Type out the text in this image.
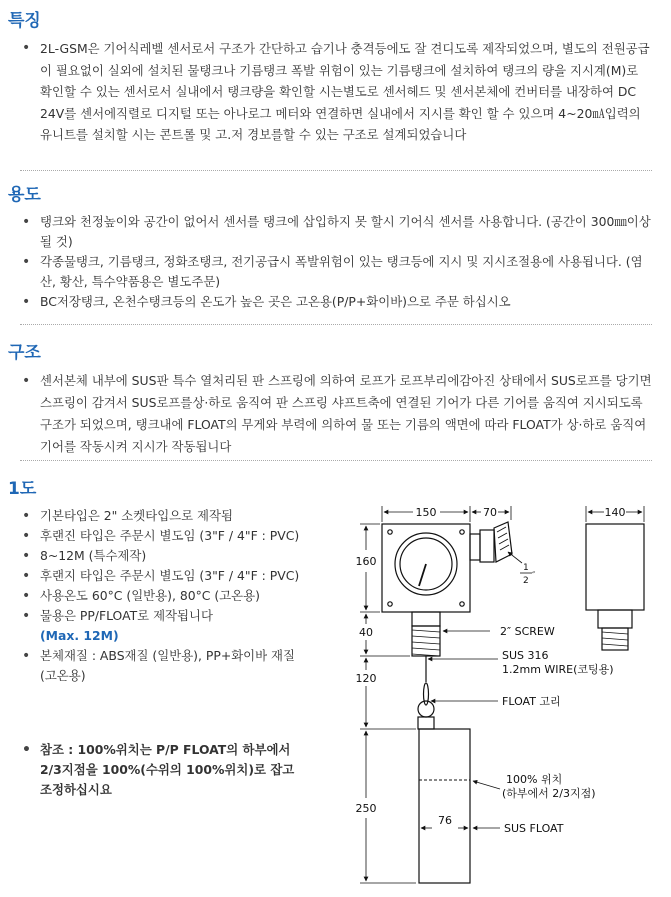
특징
• 2L-GSM은 기어식레벨 센서로서 구조가 간단하고 습기나 충격등에도 잘 견디도록 제작되었으며, 별도의 전원공급이 필요없이 실외에 설치된 물탱크나 기름탱크 폭발 위험이 있는 기름탱크에 설치하여 탱크의 량을 지시계(M)로 확인할 수 있는 센서로서 실내에서 탱크량을 확인할 시는별도로 센서헤드 및 센서본체에 컨버터를 내장하여 DC 24V를 센서에직렬로 디지털 또는 아나로그 메터와 연결하면 실내에서 지시를 확인 할 수 있으며 4~20㎃입력의 유니트를 설치할 시는 콘트롤 및 고.저 경보를할 수 있는 구조로 설계되었습니다
용도
• 탱크와 천정높이와 공간이 없어서 센서를 탱크에 삽입하지 못 할시 기어식 센서를 사용합니다. (공간이 300㎜이상 될 것)
• 각종물탱크, 기름탱크, 정화조탱크, 전기공급시 폭발위험이 있는 탱크등에 지시 및 지시조절용에 사용됩니다. (염산, 황산, 특수약품용은 별도주문)
• BC저장탱크, 온천수탱크등의 온도가 높은 곳은 고온용(P/P+화이바)으로 주문 하십시오
구조
• 센서본체 내부에 SUS판 특수 열처리된 판 스프링에 의하여 로프가 로프부리에감아진 상태에서 SUS로프를 당기면 스프링이 감겨서 SUS로프를상·하로 움직여 판 스프링 샤프트축에 연결된 기어가 다른 기어를 움직여 지시되도록 구조가 되었으며, 탱크내에 FLOAT의 무게와 부력에 의하여 물 또는 기름의 액면에 따라 FLOAT가 상·하로 움직여 기어를 작동시켜 지시가 작동됩니다
1도
• 기본타입은 2" 소켓타입으로 제작됨
• 후랜진 타입은 주문시 별도임 (3"F / 4"F : PVC)
• 8~12M (특수제작)
• 후랜지 타입은 주문시 별도임 (3"F / 4"F : PVC)
• 사용온도 60°C (일반용), 80°C (고온용)
• 물용은 PP/FLOAT로 제작됩니다
(Max. 12M)
• 본체재질 : ABS재질 (일반용), PP+화이바 재질 (고온용)
• 참조 : 100%위치는 P/P FLOAT의 하부에서 2/3지점을 100%(수위의 100%위치)로 잡고 조정하십시요
150	70	140
160
40
120
250
76
1
2 ″
2″ SCREW
SUS 316
1.2mm WIRE(코팅용)
FLOAT 고리
100% 위치
(하부에서 2/3지점)
SUS FLOAT
